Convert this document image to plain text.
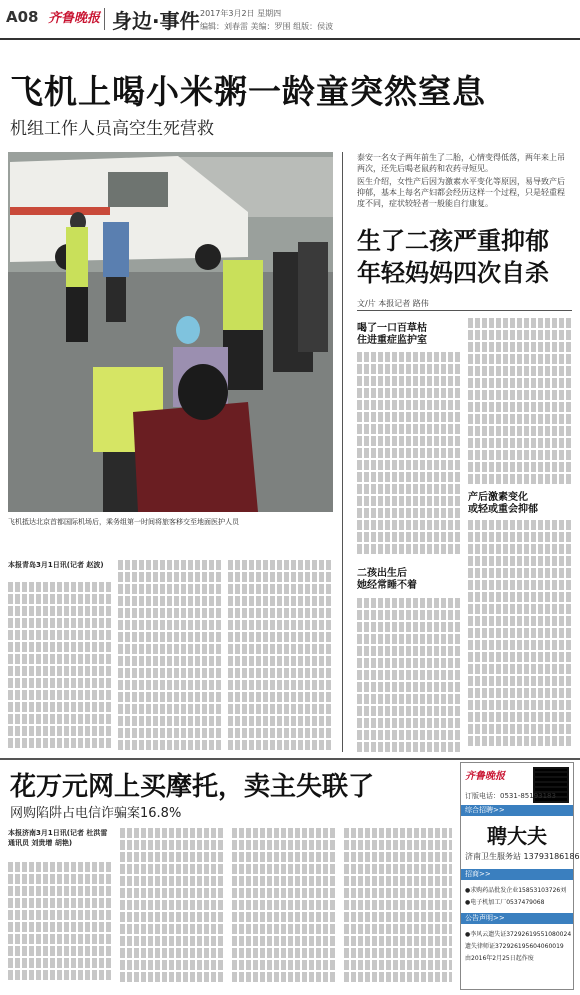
A08 齐鲁晚报 身边·事件 2017年3月2日 星期四
编辑：刘春雷 美编：罗围 组版：侯波
飞机上喝小米粥一龄童突然窒息
机组工作人员高空生死营救
飞机抵达北京首都国际机场后，乘务组第一时间将旅客移交至地面医护人员
本报青岛3月1日讯(记者 赵波)

泰安一名女子两年前生了二胎，心情变得低落，两年来上吊两次，还先后喝老鼠药和农药寻短见。

医生介绍，女性产后因为激素水平变化等原因，易导致产后抑郁，基本上每名产妇都会经历这样一个过程，只是轻重程度不同，症状较轻者一般能自行康复。

生了二孩严重抑郁
年轻妈妈四次自杀
文/片 本报记者 路伟
喝了一口百草枯
住进重症监护室
二孩出生后
她经常睡不着
产后激素变化
或轻或重会抑郁
花万元网上买摩托，卖主失联了
网购陷阱占电信诈骗案16.8%
本报济南3月1日讯(记者 杜洪雷 通讯员 刘贵增 胡艳)
齐鲁晚报
订版电话：0531-85193183
综合招聘>>
聘大夫
济南卫生服务站 13793186186
招商>>
●求购药品批发企业15853103726刘
●电子机加工厂0537479068
公告声明>>
●李风云遗失证37292619551080024
遗失律师证372926195604060019
由2016年2月25日起作废
